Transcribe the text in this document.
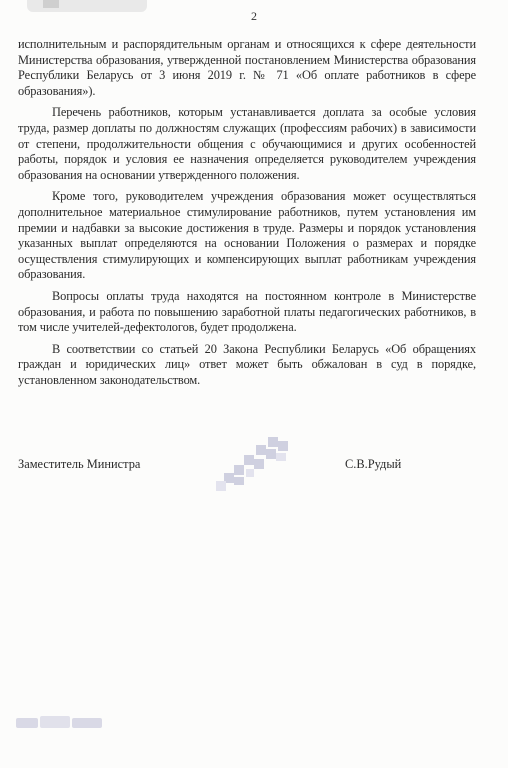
2

исполнительным и распорядительным органам и относящихся к сфере деятельности Министерства образования, утвержденной постановлением Министерства образования Республики Беларусь от 3 июня 2019 г. № 71 «Об оплате работников в сфере образования»).

Перечень работников, которым устанавливается доплата за особые условия труда, размер доплаты по должностям служащих (профессиям рабочих) в зависимости от степени, продолжительности общения с обучающимися и других особенностей работы, порядок и условия ее назначения определяется руководителем учреждения образования на основании утвержденного положения.

Кроме того, руководителем учреждения образования может осуществляться дополнительное материальное стимулирование работников, путем установления им премии и надбавки за высокие достижения в труде. Размеры и порядок установления указанных выплат определяются на основании Положения о размерах и порядке осуществления стимулирующих и компенсирующих выплат работникам учреждения образования.

Вопросы оплаты труда находятся на постоянном контроле в Министерстве образования, и работа по повышению заработной платы педагогических работников, в том числе учителей-дефектологов, будет продолжена.

В соответствии со статьей 20 Закона Республики Беларусь «Об обращениях граждан и юридических лиц» ответ может быть обжалован в суд в порядке, установленном законодательством.

Заместитель Министра	С.В.Рудый
